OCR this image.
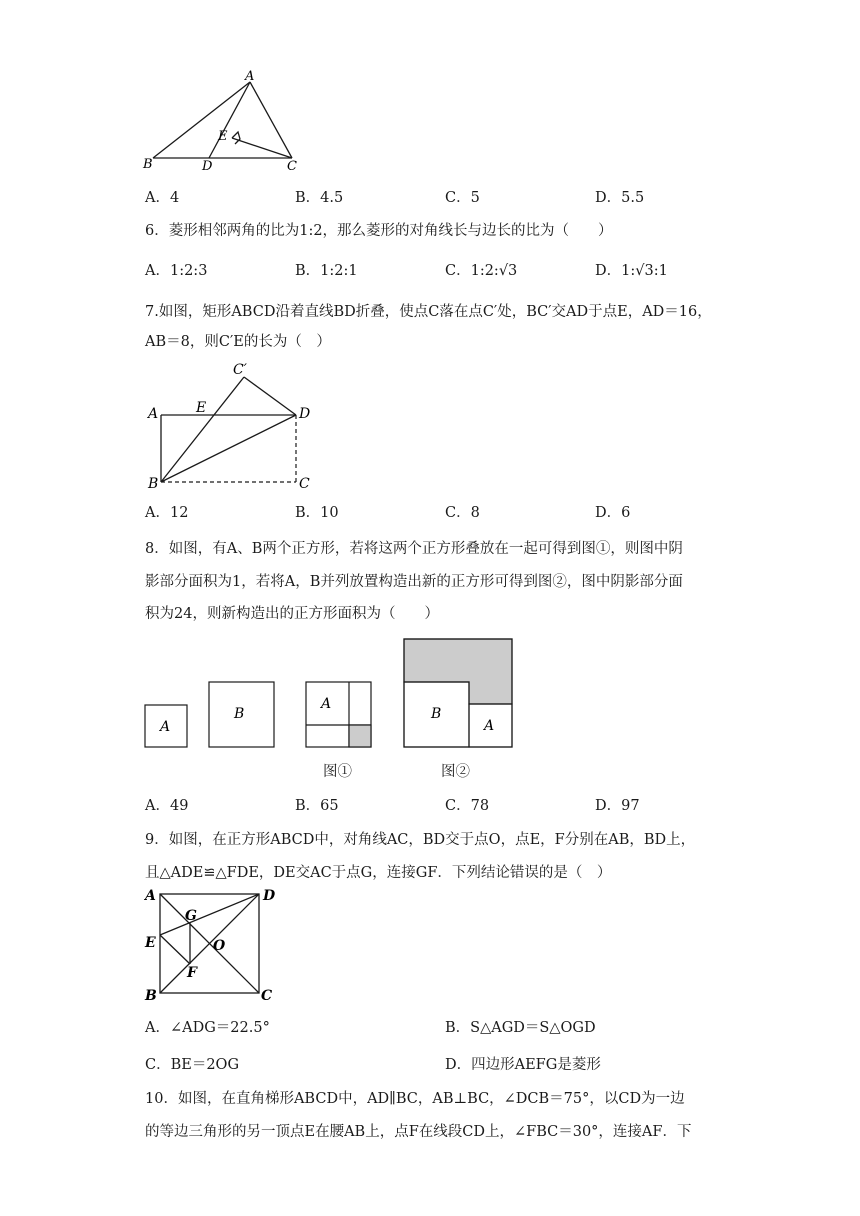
A
B	C
D
E
A．4	B．4.5	C．5	D．5.5
6．菱形相邻两角的比为1:2，那么菱形的对角线长与边长的比为（　　）
A．1:2:3	B．1:2:1	C．1:2:√3	D．1:√3:1
7.如图，矩形ABCD沿着直线BD折叠，使点C落在点C′处，BC′交AD于点E，AD＝16，
AB＝8，则C′E的长为（　）
A
B	C
D
E
C′
A．12	B．10	C．8	D．6
8．如图，有A、B两个正方形，若将这两个正方形叠放在一起可得到图①，则图中阴
影部分面积为1，若将A，B并列放置构造出新的正方形可得到图②，图中阴影部分面
积为24，则新构造出的正方形面积为（　　）
A
B
A
B
A
图①	图②
A．49	B．65	C．78	D．97
9．如图，在正方形ABCD中，对角线AC，BD交于点O，点E，F分别在AB，BD上，
且△ADE≌△FDE，DE交AC于点G，连接GF．下列结论错误的是（　）
A
B	C
D
E
F
G
O
A．∠ADG＝22.5°	B．S△AGD＝S△OGD
C．BE＝2OG	D．四边形AEFG是菱形
10．如图，在直角梯形ABCD中，AD∥BC，AB⊥BC，∠DCB＝75°，以CD为一边
的等边三角形的另一顶点E在腰AB上，点F在线段CD上，∠FBC＝30°，连接AF．下
